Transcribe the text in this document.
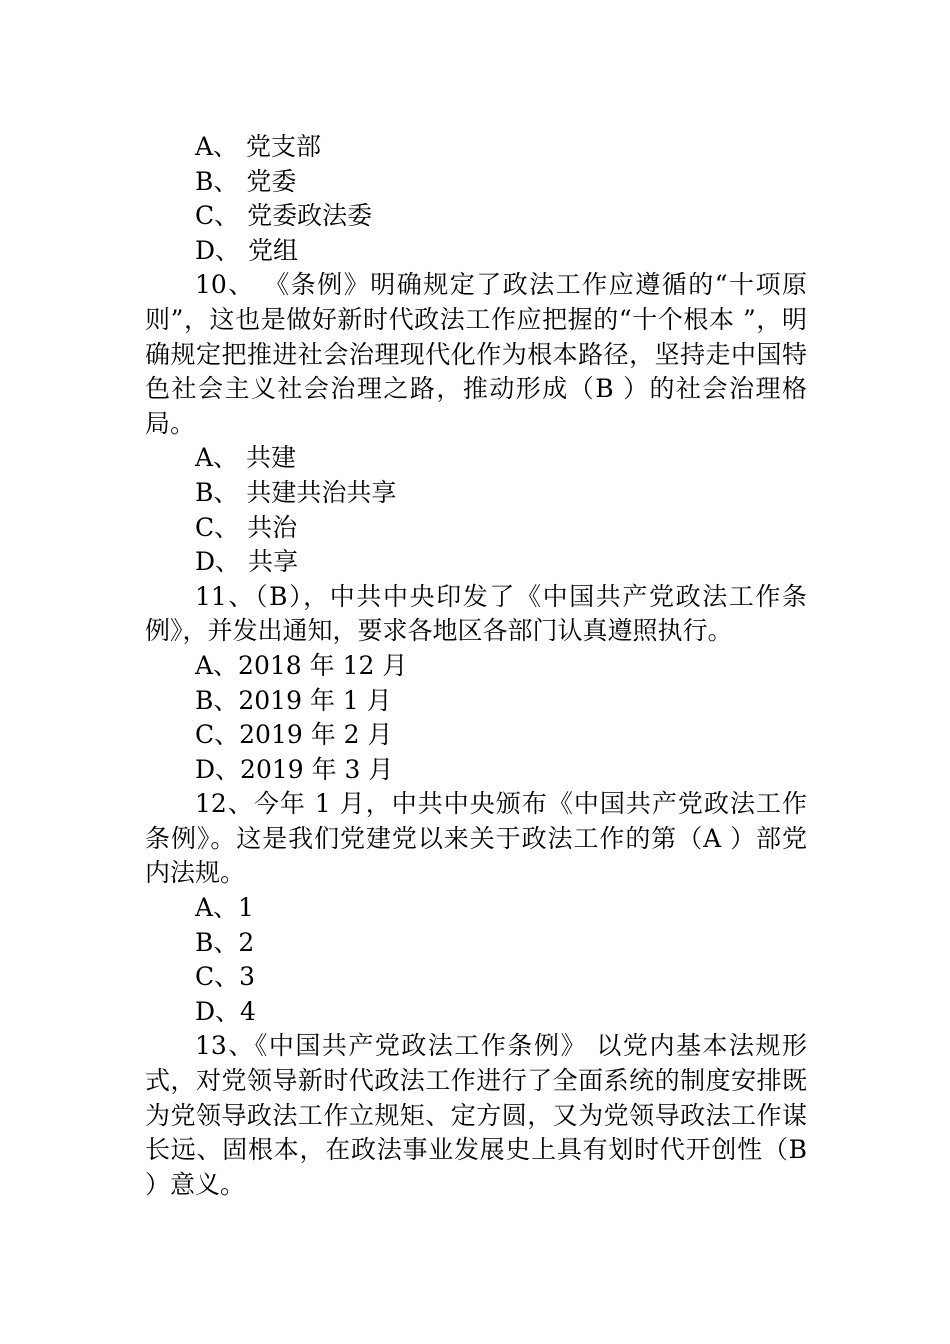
A、 党支部
B、 党委
C、 党委政法委
D、 党组
10、 《条例》明确规定了政法工作应遵循的“十项原则”，这也是做好新时代政法工作应把握的“十个根本 ”，明确规定把推进社会治理现代化作为根本路径，坚持走中国特色社会主义社会治理之路，推动形成（B ）的社会治理格局。
A、 共建
B、 共建共治共享
C、 共治
D、 共享
11、（B），中共中央印发了《中国共产党政法工作条例》，并发出通知，要求各地区各部门认真遵照执行。
A、2018 年 12 月
B、2019 年 1 月
C、2019 年 2 月
D、2019 年 3 月
12、今年 1 月，中共中央颁布《中国共产党政法工作条例》。这是我们党建党以来关于政法工作的第（A ）部党内法规。
A、1
B、2
C、3
D、4
13、《中国共产党政法工作条例》 以党内基本法规形式，对党领导新时代政法工作进行了全面系统的制度安排既为党领导政法工作立规矩、定方圆，又为党领导政法工作谋长远、固根本，在政法事业发展史上具有划时代开创性（B ）意义。
